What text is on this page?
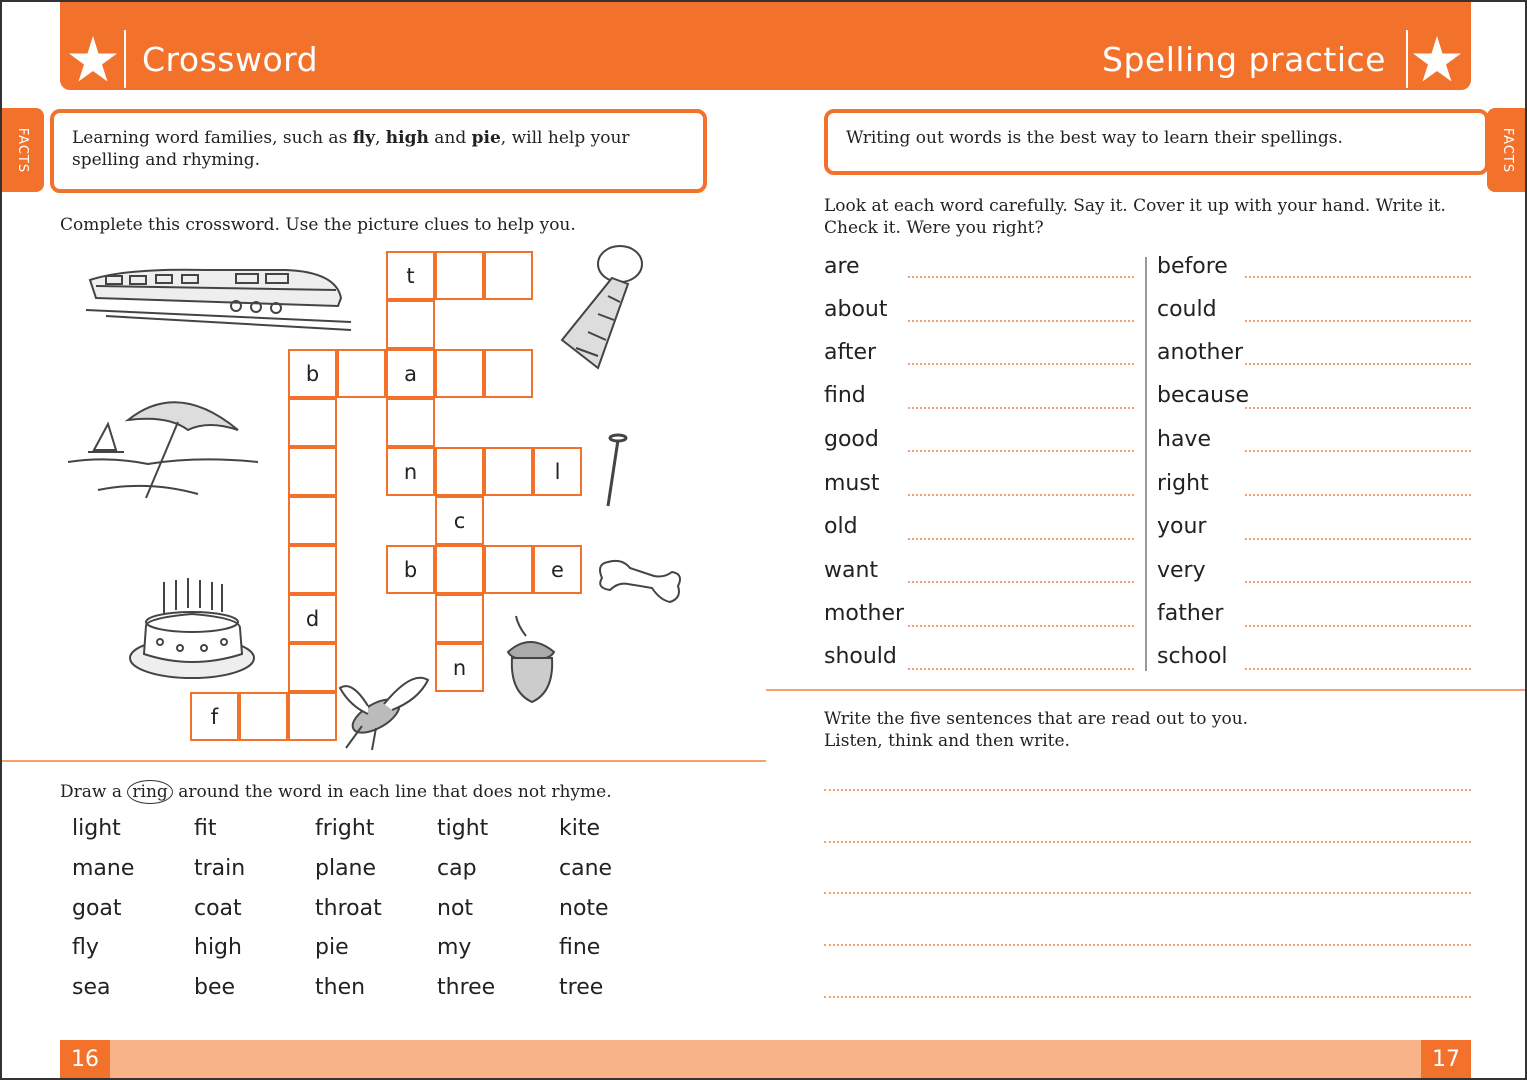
Crossword	Spelling practice
FACTS	FACTS
Learning word families, such as fly, high and pie, will help your spelling and rhyming.
Writing out words is the best way to learn their spellings.
Complete this crossword. Use the picture clues to help you.
t
b	a
n	l
c
b	e
d
n
f
Draw a ring around the word in each line that does not rhyme.
light	fit	fright	tight	kite
mane	train	plane	cap	cane
goat	coat	throat	not	note
fly	high	pie	my	fine
sea	bee	then	three	tree
Look at each word carefully. Say it. Cover it up with your hand. Write it. Check it. Were you right?
are	before
about	could
after	another
find	because
good	have
must	right
old	your
want	very
mother	father
should	school
Write the five sentences that are read out to you.
Listen, think and then write.
16	17
